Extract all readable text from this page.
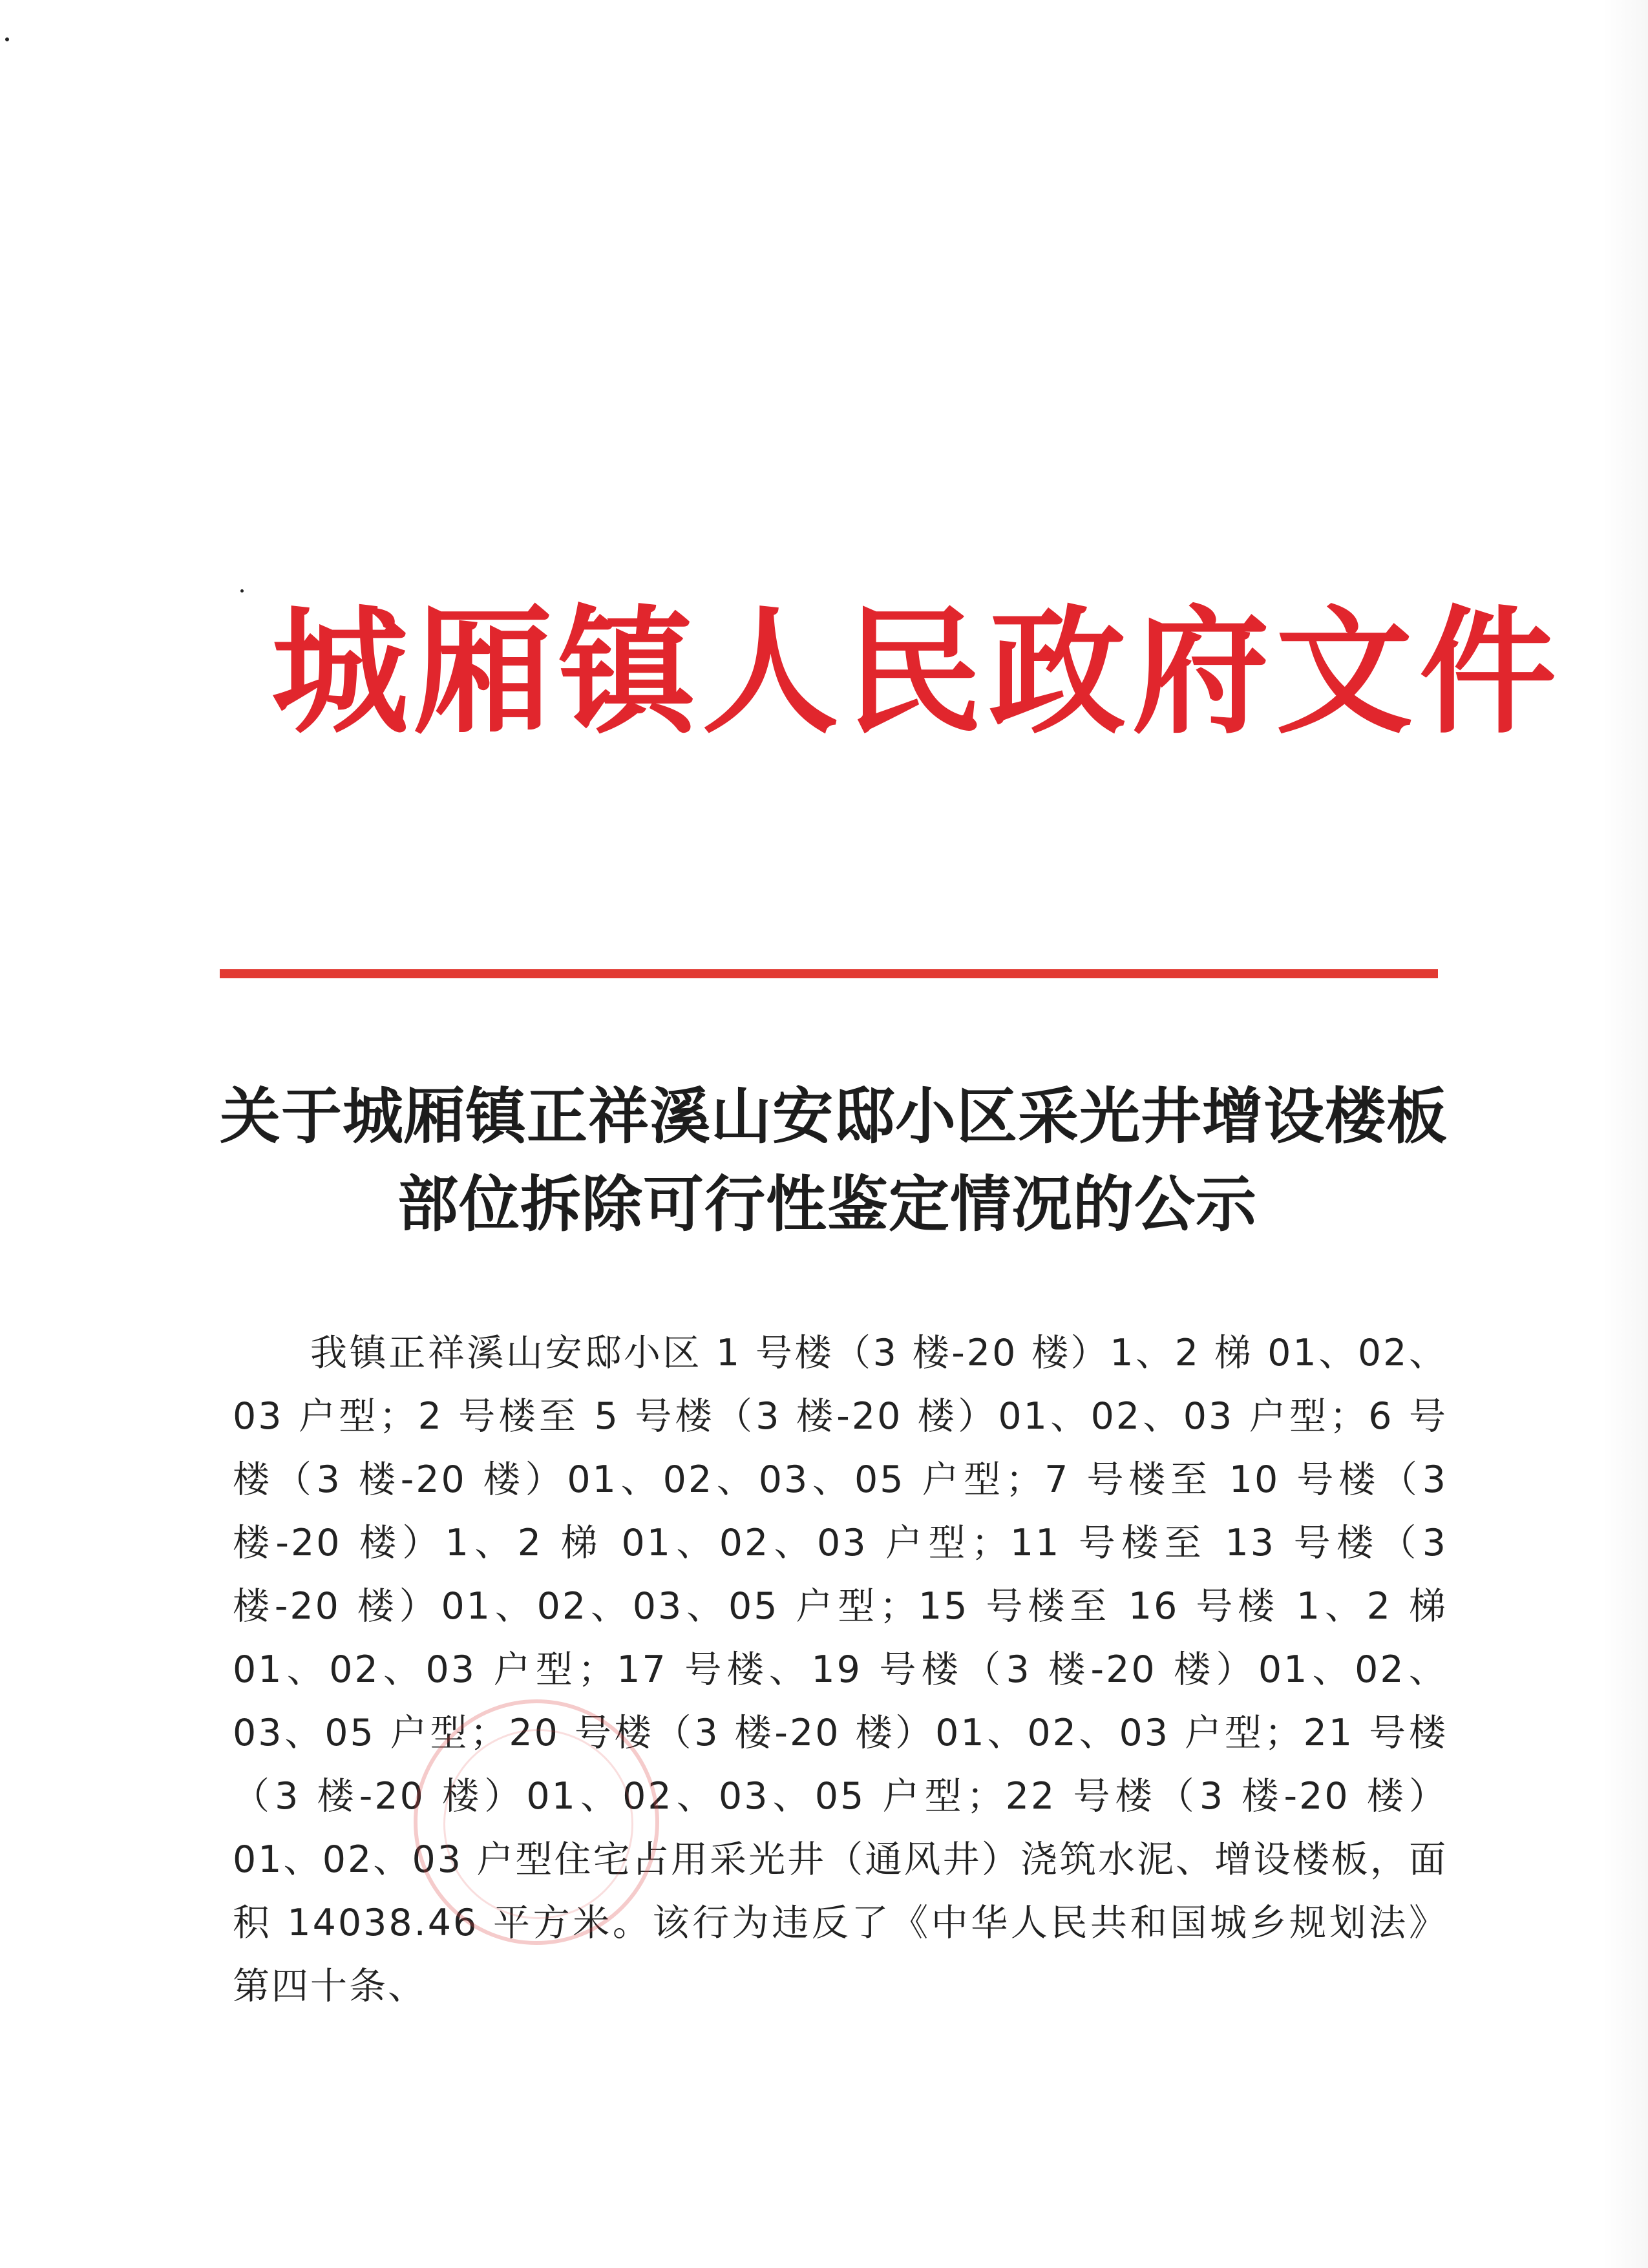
城厢镇人民政府文件
关于城厢镇正祥溪山安邸小区采光井增设楼板
部位拆除可行性鉴定情况的公示

我镇正祥溪山安邸小区 1 号楼（3 楼-20 楼）1、2 梯 01、02、03 户型；2 号楼至 5 号楼（3 楼-20 楼）01、02、03 户型；6 号楼（3 楼-20 楼）01、02、03、05 户型；7 号楼至 10 号楼（3 楼-20 楼）1、2 梯 01、02、03 户型；11 号楼至 13 号楼（3 楼-20 楼）01、02、03、05 户型；15 号楼至 16 号楼 1、2 梯 01、02、03 户型；17 号楼、19 号楼（3 楼-20 楼）01、02、03、05 户型；20 号楼（3 楼-20 楼）01、02、03 户型；21 号楼（3 楼-20 楼）01、02、03、05 户型；22 号楼（3 楼-20 楼）01、02、03 户型住宅占用采光井（通风井）浇筑水泥、增设楼板，面积 14038.46 平方米。该行为违反了《中华人民共和国城乡规划法》第四十条、
